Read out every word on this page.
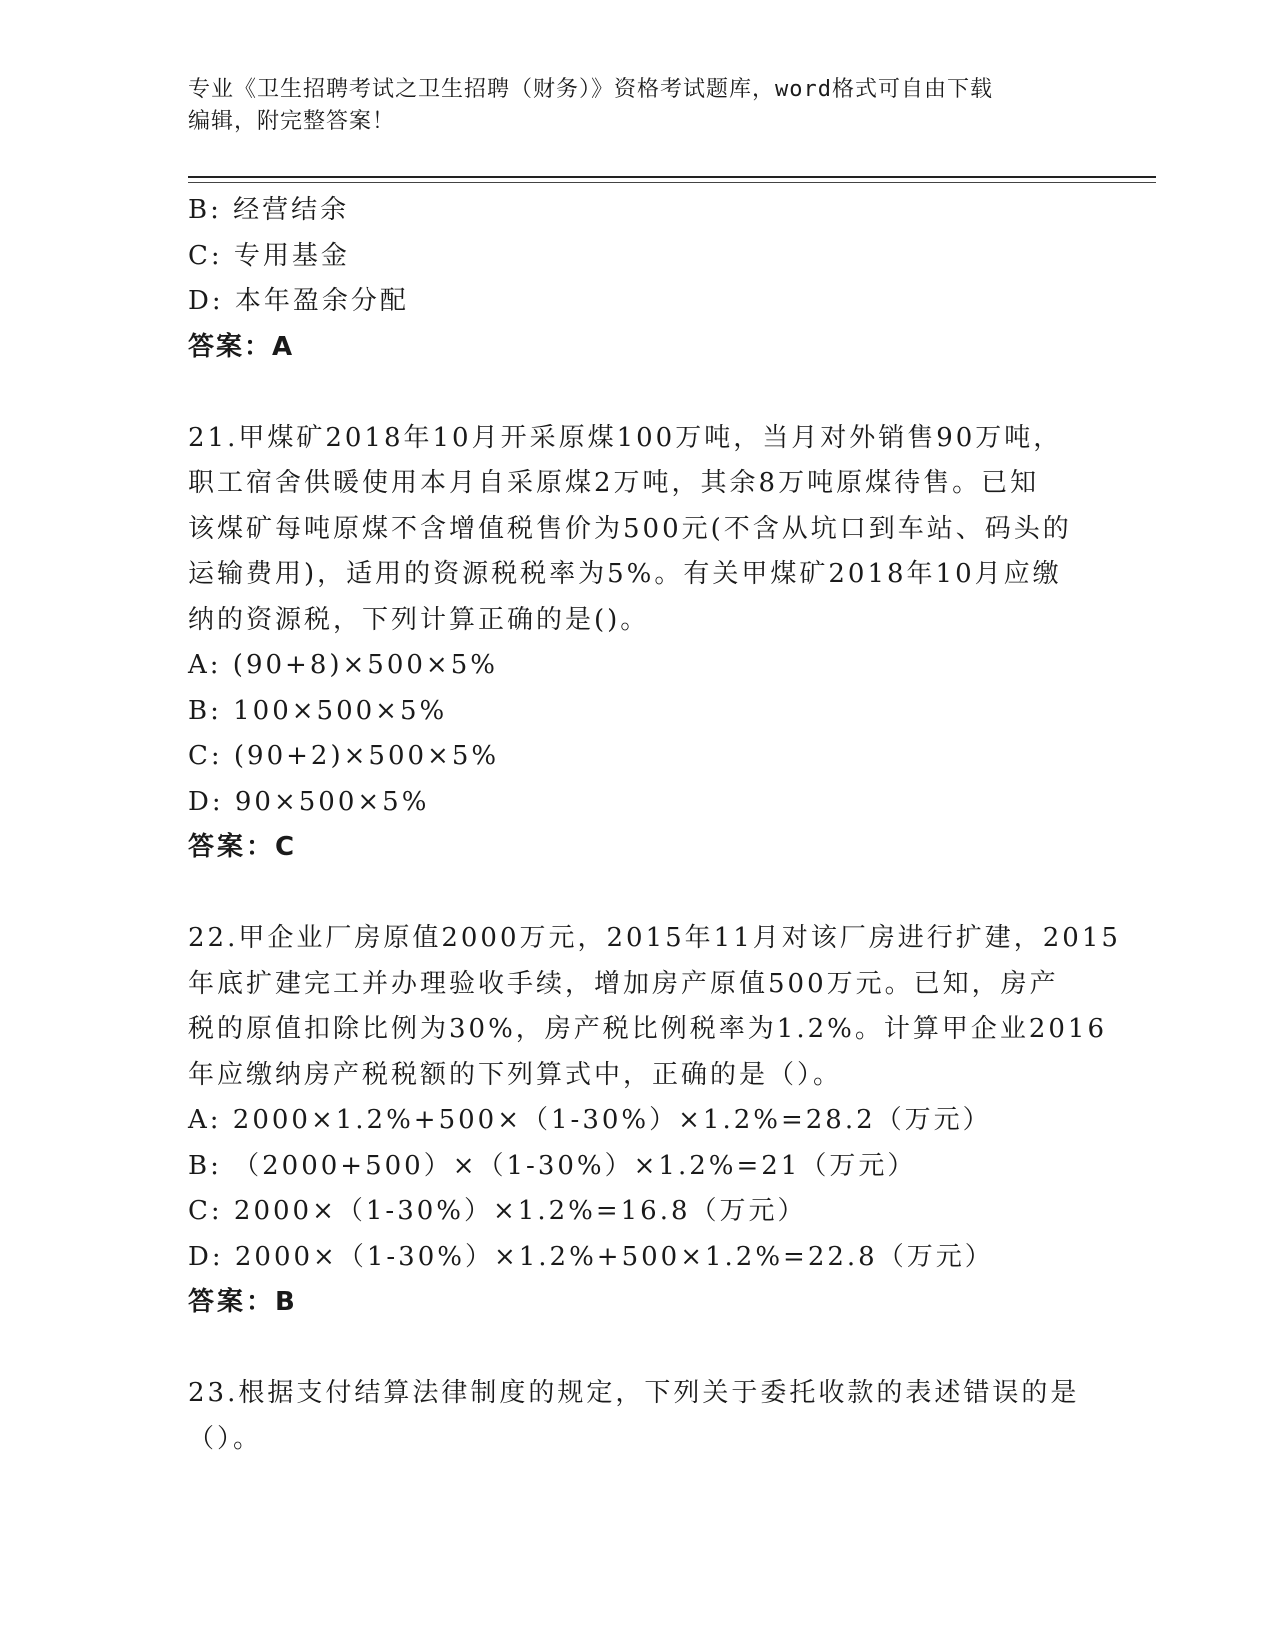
专业《卫生招聘考试之卫生招聘（财务）》资格考试题库，word格式可自由下载
编辑，附完整答案！
B: 经营结余
C: 专用基金
D: 本年盈余分配
答案：A
21.甲煤矿2018年10月开采原煤100万吨，当月对外销售90万吨，
职工宿舍供暖使用本月自采原煤2万吨，其余8万吨原煤待售。已知
该煤矿每吨原煤不含增值税售价为500元(不含从坑口到车站、码头的
运输费用)，适用的资源税税率为5%。有关甲煤矿2018年10月应缴
纳的资源税，下列计算正确的是()。
A: (90+8)×500×5%
B: 100×500×5%
C: (90+2)×500×5%
D: 90×500×5%
答案：C
22.甲企业厂房原值2000万元，2015年11月对该厂房进行扩建，2015
年底扩建完工并办理验收手续，增加房产原值500万元。已知，房产
税的原值扣除比例为30%，房产税比例税率为1.2%。计算甲企业2016
年应缴纳房产税税额的下列算式中，正确的是（）。
A: 2000×1.2%+500×（1-30%）×1.2%=28.2（万元）
B: （2000+500）×（1-30%）×1.2%=21（万元）
C: 2000×（1-30%）×1.2%=16.8（万元）
D: 2000×（1-30%）×1.2%+500×1.2%=22.8（万元）
答案：B
23.根据支付结算法律制度的规定，下列关于委托收款的表述错误的是
（）。
